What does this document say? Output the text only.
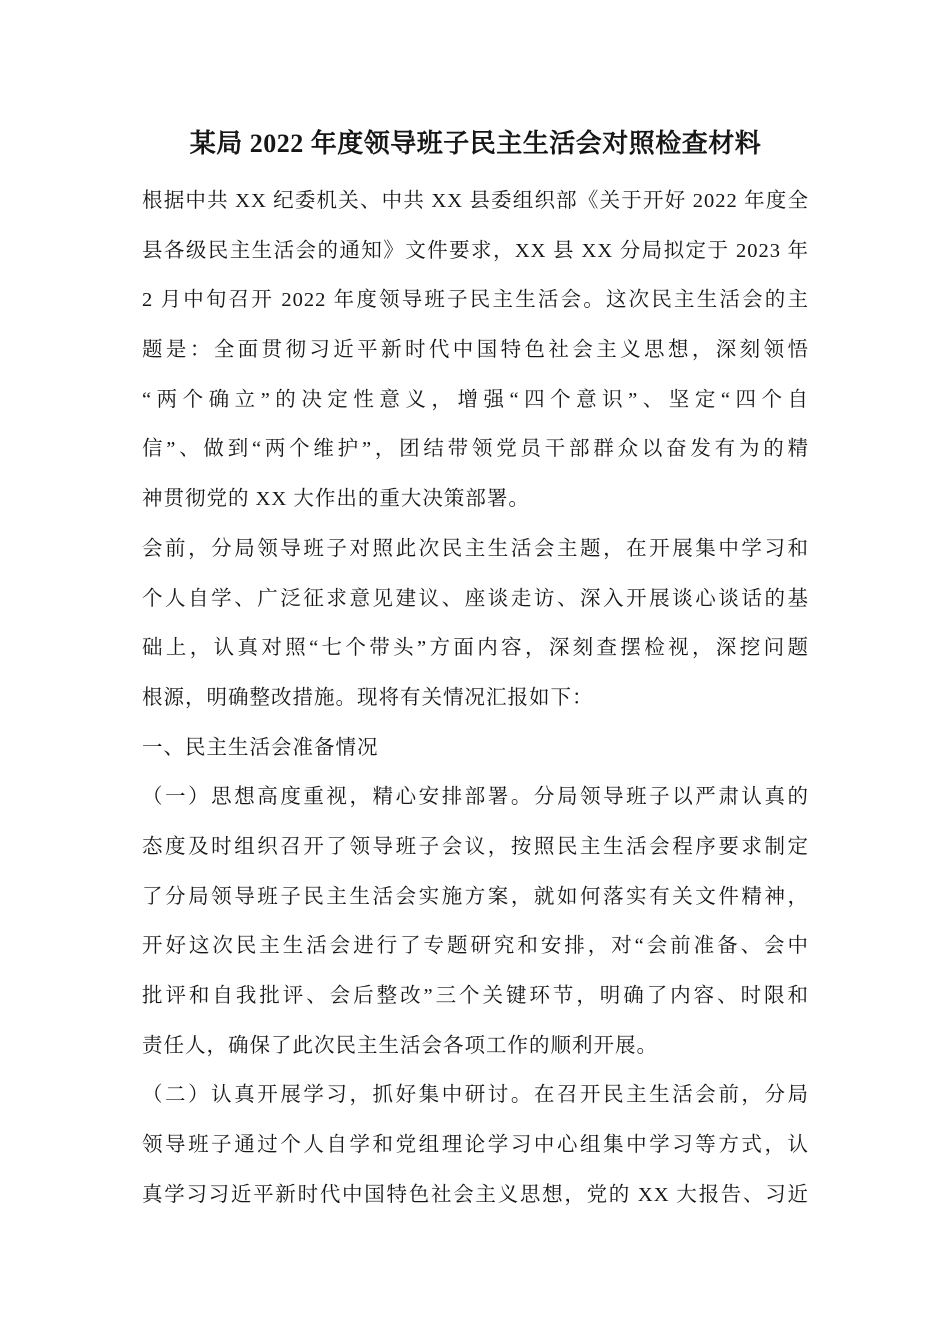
某局 2022 年度领导班子民主生活会对照检查材料
根据中共 XX 纪委机关、中共 XX 县委组织部《关于开好 2022 年度全
县各级民主生活会的通知》文件要求，XX 县 XX 分局拟定于 2023 年
2 月中旬召开 2022 年度领导班子民主生活会。这次民主生活会的主
题是：全面贯彻习近平新时代中国特色社会主义思想，深刻领悟
“两个确立”的决定性意义，增强“四个意识”、坚定“四个自
信”、做到“两个维护”，团结带领党员干部群众以奋发有为的精
神贯彻党的 XX 大作出的重大决策部署。
会前，分局领导班子对照此次民主生活会主题，在开展集中学习和
个人自学、广泛征求意见建议、座谈走访、深入开展谈心谈话的基
础上，认真对照“七个带头”方面内容，深刻查摆检视，深挖问题
根源，明确整改措施。现将有关情况汇报如下：
一、民主生活会准备情况
（一）思想高度重视，精心安排部署。分局领导班子以严肃认真的
态度及时组织召开了领导班子会议，按照民主生活会程序要求制定
了分局领导班子民主生活会实施方案，就如何落实有关文件精神，
开好这次民主生活会进行了专题研究和安排，对“会前准备、会中
批评和自我批评、会后整改”三个关键环节，明确了内容、时限和
责任人，确保了此次民主生活会各项工作的顺利开展。
（二）认真开展学习，抓好集中研讨。在召开民主生活会前，分局
领导班子通过个人自学和党组理论学习中心组集中学习等方式，认
真学习习近平新时代中国特色社会主义思想，党的 XX 大报告、习近
